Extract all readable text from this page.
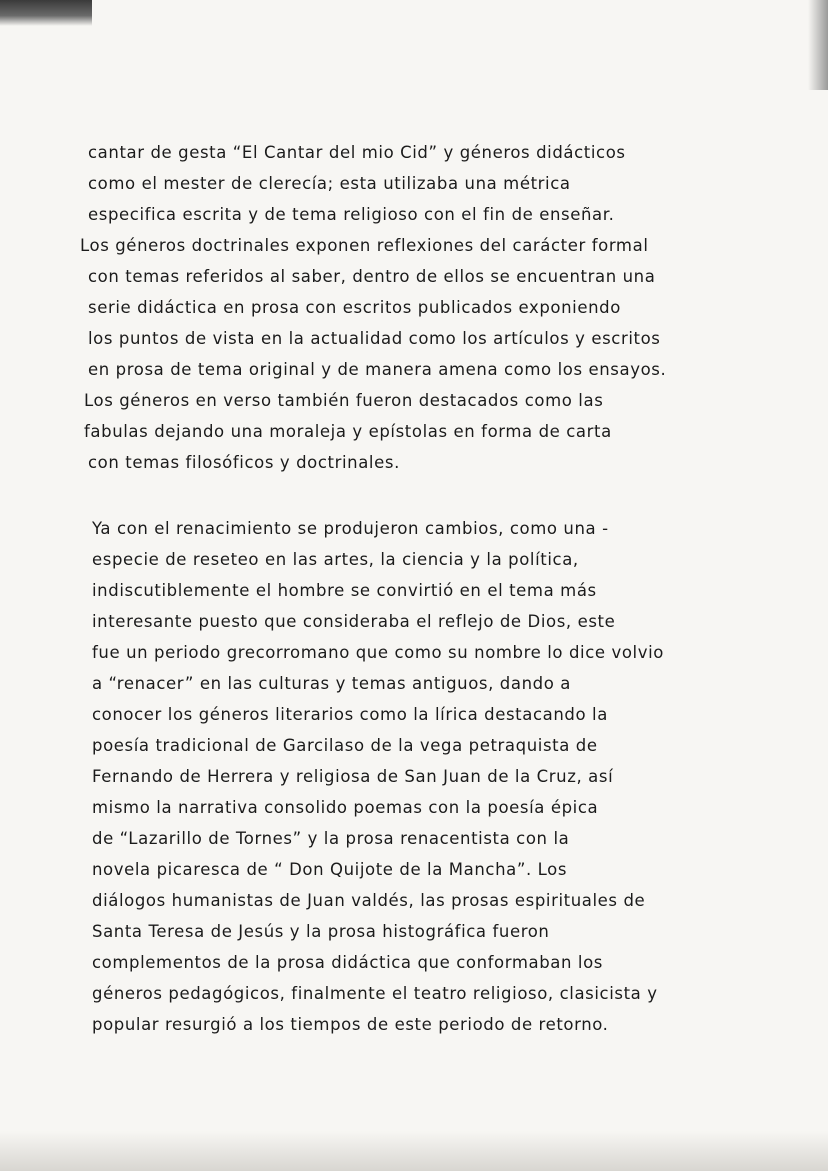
cantar de gesta “El Cantar del mio Cid” y géneros didácticos
como el mester de clerecía; esta utilizaba una métrica
especifica escrita y de tema religioso con el fin de enseñar.
Los géneros doctrinales exponen reflexiones del carácter formal
con temas referidos al saber, dentro de ellos se encuentran una
serie didáctica en prosa con escritos publicados exponiendo
los puntos de vista en la actualidad como los artículos y escritos
en prosa de tema original y de manera amena como los ensayos.
Los géneros en verso también fueron destacados como las
fabulas dejando una moraleja y epístolas en forma de carta
con temas filosóficos y doctrinales.
Ya con el renacimiento se produjeron cambios, como una -
especie de reseteo en las artes, la ciencia y la política,
indiscutiblemente el hombre se convirtió en el tema más
interesante puesto que consideraba el reflejo de Dios, este
fue un periodo grecorromano que como su nombre lo dice volvio
a “renacer” en las culturas y temas antiguos, dando a
conocer los géneros literarios como la lírica destacando la
poesía tradicional de Garcilaso de la vega petraquista de
Fernando de Herrera y religiosa de San Juan de la Cruz, así
mismo la narrativa consolido poemas con la poesía épica
de “Lazarillo de Tornes” y la prosa renacentista con la
novela picaresca de “ Don Quijote de la Mancha”. Los
diálogos humanistas de Juan valdés, las prosas espirituales de
Santa Teresa de Jesús y la prosa histográfica fueron
complementos de la prosa didáctica que conformaban los
géneros pedagógicos, finalmente el teatro religioso, clasicista y
popular resurgió a los tiempos de este periodo de retorno.
